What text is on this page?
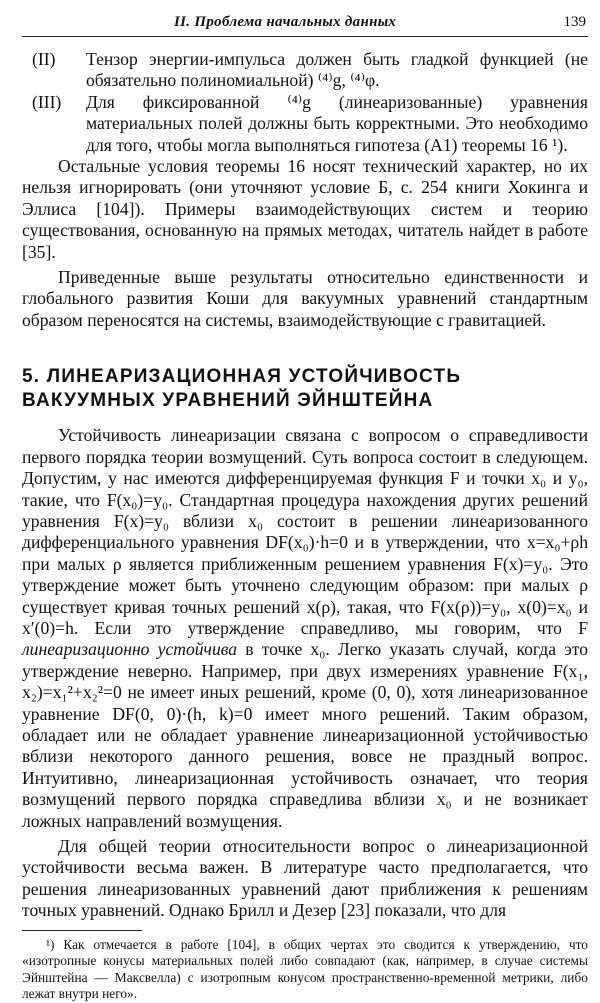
II. Проблема начальных данных	139
(II)	Тензор энергии-импульса должен быть гладкой функцией (не обязательно полиномиальной) ⁽⁴⁾g, ⁽⁴⁾φ.
(III)	Для фиксированной ⁽⁴⁾g (линеаризованные) уравнения материальных полей должны быть корректными. Это необходимо для того, чтобы могла выполняться гипотеза (A1) теоремы 16 ¹).

Остальные условия теоремы 16 носят технический характер, но их нельзя игнорировать (они уточняют условие Б, с. 254 книги Хокинга и Эллиса [104]). Примеры взаимодействующих систем и теорию существования, основанную на прямых методах, читатель найдет в работе [35].

Приведенные выше результаты относительно единственности и глобального развития Коши для вакуумных уравнений стандартным образом переносятся на системы, взаимодействующие с гравитацией.

5. ЛИНЕАРИЗАЦИОННАЯ УСТОЙЧИВОСТЬ
ВАКУУМНЫХ УРАВНЕНИЙ ЭЙНШТЕЙНА

Устойчивость линеаризации связана с вопросом о справедливости первого порядка теории возмущений. Суть вопроса состоит в следующем. Допустим, у нас имеются дифференцируемая функция F и точки x₀ и y₀, такие, что F(x₀)=y₀. Стандартная процедура нахождения других решений уравнения F(x)=y₀ вблизи x₀ состоит в решении линеаризованного дифференциального уравнения DF(x₀)·h=0 и в утверждении, что x=x₀+ρh при малых ρ является приближенным решением уравнения F(x)=y₀. Это утверждение может быть уточнено следующим образом: при малых ρ существует кривая точных решений x(ρ), такая, что F(x(ρ))=y₀, x(0)=x₀ и x′(0)=h. Если это утверждение справедливо, мы говорим, что F линеаризационно устойчива в точке x₀. Легко указать случай, когда это утверждение неверно. Например, при двух измерениях уравнение F(x₁, x₂)=x₁²+x₂²=0 не имеет иных решений, кроме (0, 0), хотя линеаризованное уравнение DF(0, 0)·(h, k)=0 имеет много решений. Таким образом, обладает или не обладает уравнение линеаризационной устойчивостью вблизи некоторого данного решения, вовсе не праздный вопрос. Интуитивно, линеаризационная устойчивость означает, что теория возмущений первого порядка справедлива вблизи x₀ и не возникает ложных направлений возмущения.

Для общей теории относительности вопрос о линеаризационной устойчивости весьма важен. В литературе часто предполагается, что решения линеаризованных уравнений дают приближения к решениям точных уравнений. Однако Брилл и Дезер [23] показали, что для

¹) Как отмечается в работе [104], в общих чертах это сводится к утверждению, что «изотропные конусы материальных полей либо совпадают (как, например, в случае системы Эйнштейна — Максвелла) с изотропным конусом пространственно-временной метрики, либо лежат внутри него».
